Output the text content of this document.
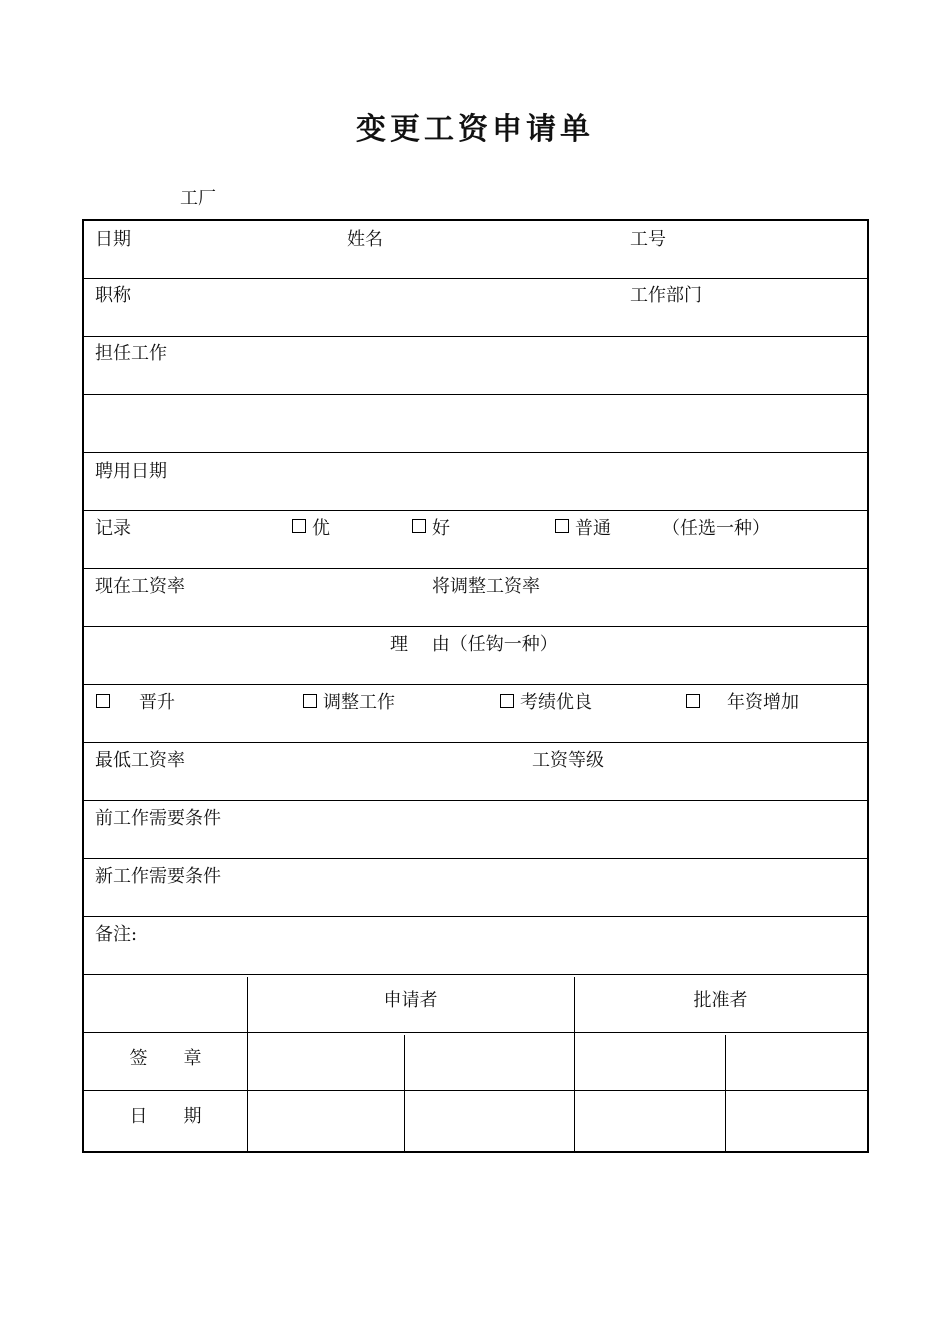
变更工资申请单
工厂
日期	姓名	工号
职称	工作部门
担任工作
聘用日期
记录	优	好	普通	（任选一种）
现在工资率	将调整工资率
理　 由（任钩一种）
晋升	调整工作	考绩优良	年资增加
最低工资率	工资等级
前工作需要条件
新工作需要条件
备注:
申请者	批准者
签　　章
日　　期
